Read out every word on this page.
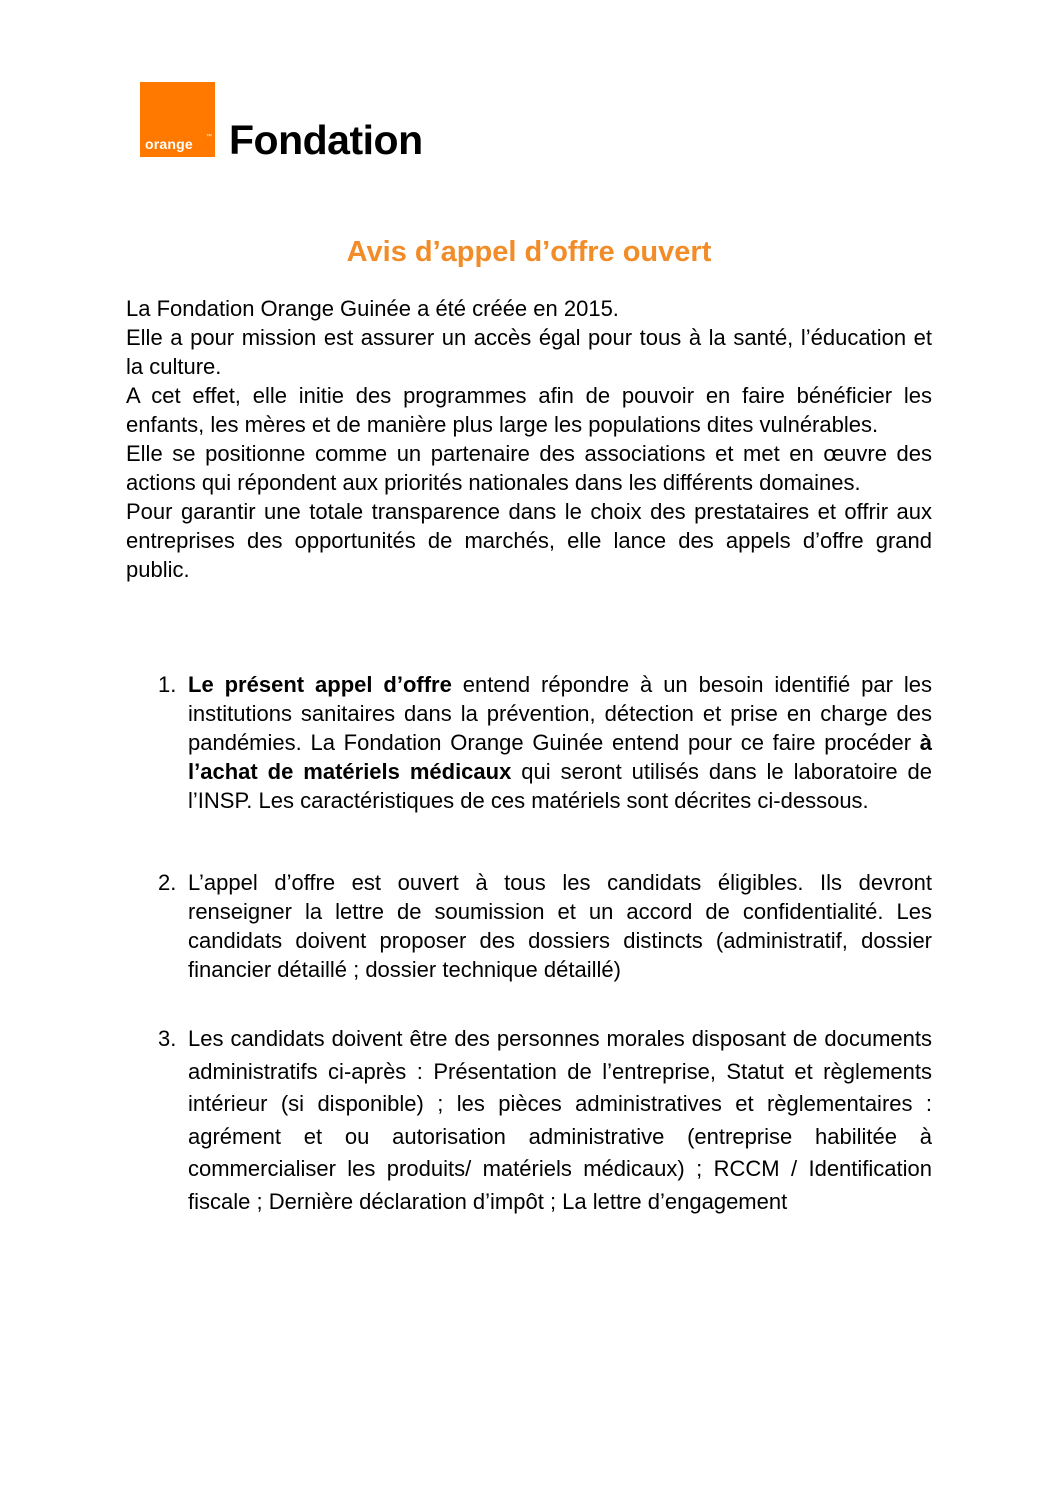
orange ™ Fondation
Avis d’appel d’offre ouvert

La Fondation Orange Guinée a été créée en 2015.

Elle a pour mission est assurer un accès égal pour tous à la santé, l’éducation et la culture.

A cet effet, elle initie des programmes afin de pouvoir en faire bénéficier les enfants, les mères et de manière plus large les populations dites vulnérables.

Elle se positionne comme un partenaire des associations et met en œuvre des actions qui répondent aux priorités nationales dans les différents domaines.

Pour garantir une totale transparence dans le choix des prestataires et offrir aux entreprises des opportunités de marchés, elle lance des appels d’offre grand public.

1. Le présent appel d’offre entend répondre à un besoin identifié par les institutions sanitaires dans la prévention, détection et prise en charge des pandémies. La Fondation Orange Guinée entend pour ce faire procéder à l’achat de matériels médicaux qui seront utilisés dans le laboratoire de l’INSP. Les caractéristiques de ces matériels sont décrites ci-dessous.
2. L’appel d’offre est ouvert à tous les candidats éligibles. Ils devront renseigner la lettre de soumission et un accord de confidentialité. Les candidats doivent proposer des dossiers distincts (administratif, dossier financier détaillé ; dossier technique détaillé)
3. Les candidats doivent être des personnes morales disposant de documents administratifs ci-après : Présentation de l’entreprise, Statut et règlements intérieur (si disponible) ; les pièces administratives et règlementaires : agrément et ou autorisation administrative (entreprise habilitée à commercialiser les produits/ matériels médicaux) ; RCCM / Identification fiscale ; Dernière déclaration d’impôt ; La lettre d’engagement
